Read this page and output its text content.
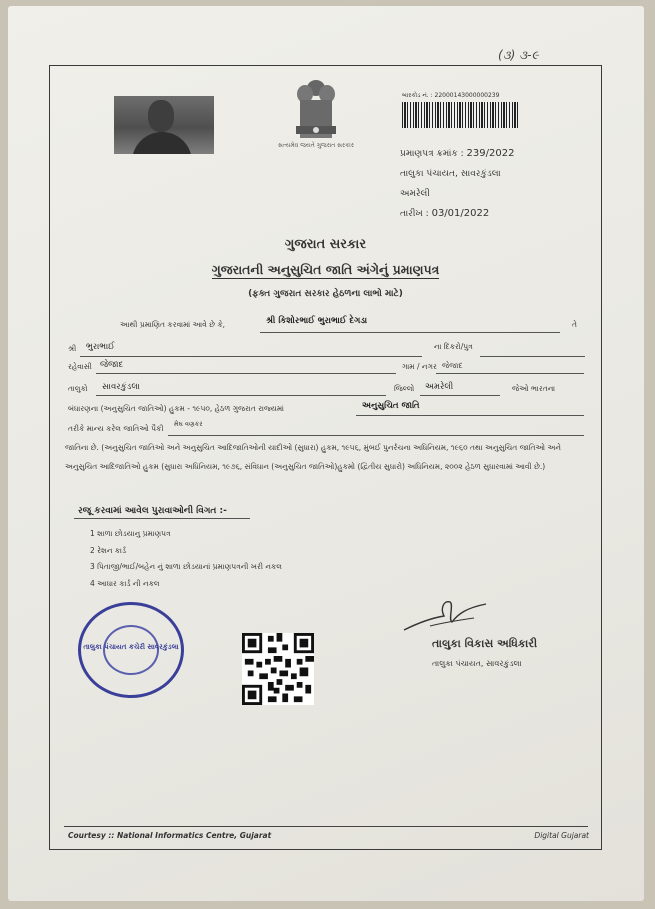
(૩) ૩-૯
સત્યમેવ જયતે ગુજરાત સરકાર
બારકોડ નં. : 22000143000000239
પ્રમાણપત્ર ક્રમાંક : 239/2022
તાલુકા પંચાયત, સાવરકુંડલા
અમરેલી
તારીખ : 03/01/2022
ગુજરાત સરકાર
ગુજરાતની અનુસુચિત જાતિ અંગેનું પ્રમાણપત્ર
(ફક્ત ગુજરાત સરકાર હેઠળના લાભો માટે)
આથી પ્રમાણિત કરવામાં આવે છે કે,	શ્રી કિશોરભાઈ ભુરાભાઈ દેગડા	તે
શ્રી ભુરાભાઈ	ના દિકરો/પુત્ર
રહેવાસી જેજાદ	ગામ / નગર જેજાદ
તાલુકો સાવરકુંડલા	જિલ્લો અમરેલી	જેઓ ભારતના
બંધારણના (અનુસુચિત જાતિઓ) હુકમ - ૧૯૫૦, હેઠળ ગુજરાત રાજ્યમાં	અનુસુચિત જાતિ
તરીકે માન્ય કરેલ જાતિઓ પૈકી મેઘ વણકર
જાતિના છે. (અનુસુચિત જાતિઓ અને અનુસુચિત આદિજાતિઓની યાદીઓ (સુધારા) હુકમ, ૧૯૫૬, મુંબઈ પુનર્રચના અધિનિયમ, ૧૯૬૦ તથા અનુસુચિત જાતિઓ અને અનુસુચિત આદિજાતિઓ હુકમ (સુધારા અધિનિયમ, ૧૯૭૬, સંવિધાન (અનુસુચિત જાતિઓ)હુકમો (દ્વિતીય સુધારો) અધિનિયમ, ૨૦૦૨ હેઠળ સુધારવામાં આવી છે.)
રજૂ કરવામાં આવેલ પુરાવાઓની વિગત :-
1 શાળા છોડયાનુ પ્રમાણપત્ર
2 રેશન કાર્ડ
3 પિતાજી/ભાઈ/બહેન નું શાળા છોડયાનાં પ્રમાણપત્રની ખરી નકલ
4 આધાર કાર્ડ ની નકલ
તાલુકા પંચાયત કચેરી સાવરકુંડલા	તાલુકા વિકાસ અધિકારી
તાલુકા પંચાયત, સાવરકુંડલા
Courtesy :: National Informatics Centre, Gujarat	Digital Gujarat
